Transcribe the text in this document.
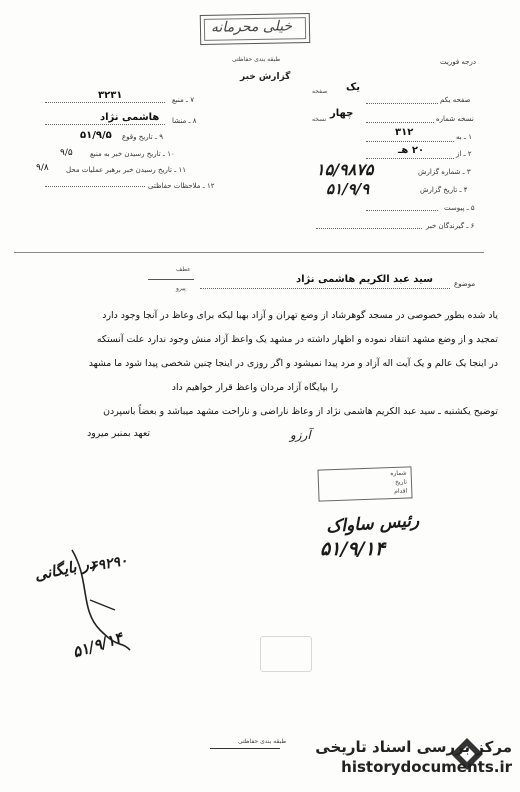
خیلی محرمانه
درجه فوریت
طبقه بندی حفاظتی
گزارش خبر
۳۲۳۱	۷ ـ منبع
هاشمی نژاد ۸ ـ منشا
۵۱/۹/۵ ۹ ـ تاریخ وقوع
۹/۵ ۱۰ ـ تاریخ رسیدن خبر به منبع
۹/۸ ۱۱ ـ تاریخ رسیدن خبر برهبر عملیات محل
۱۲ ـ ملاحظات حفاظتی
صفحه یک
صفحه یکم
نسخه
چهار	نسخه شماره
۳۱۲	۱ ـ به
۲۰ هـ	۲ ـ از
۱۵/۹۸۷۵	۳ ـ شماره گزارش
۵۱/۹/۹	۴ ـ تاریخ گزارش
۵ ـ پیوست
۶ ـ گیرندگان خبر
عطف
پیرو
سید عبد الکریم هاشمی نژاد	موضوع
یاد شده بطور خصوصی در مسجد گوهرشاد از وضع تهران و آزاد بهبا لیکه برای وعاظ در آنجا وجود دارد
تمجید و از وضع مشهد انتقاد نموده و اظهار داشته در مشهد یک واعظ آزاد منش وجود ندارد علت آنستکه
در اینجا یک عالم و یک آیت اله آزاد و مرد پیدا نمیشود و اگر روزی در اینجا چنین شخصی پیدا شود ما مشهد
را بپایگاه آزاد مردان واعظ قرار خواهیم داد
توضیح یکشنبه ـ سید عبد الکریم هاشمی نژاد از وعاظ ناراضی و ناراحت مشهد میباشد و بعضاً باسپردن
تعهد بمنبر میرود	آرزو
شماره
تاریخ
اقدام
رئیس ساواک
۵۱/۹/۱۴
در بایگانی
۶۹۲۹۰
۵۱/۹/۱۴
طبقه بندی حفاظتی مرکز بررسی اسناد تاریخی
historydocuments.ir
